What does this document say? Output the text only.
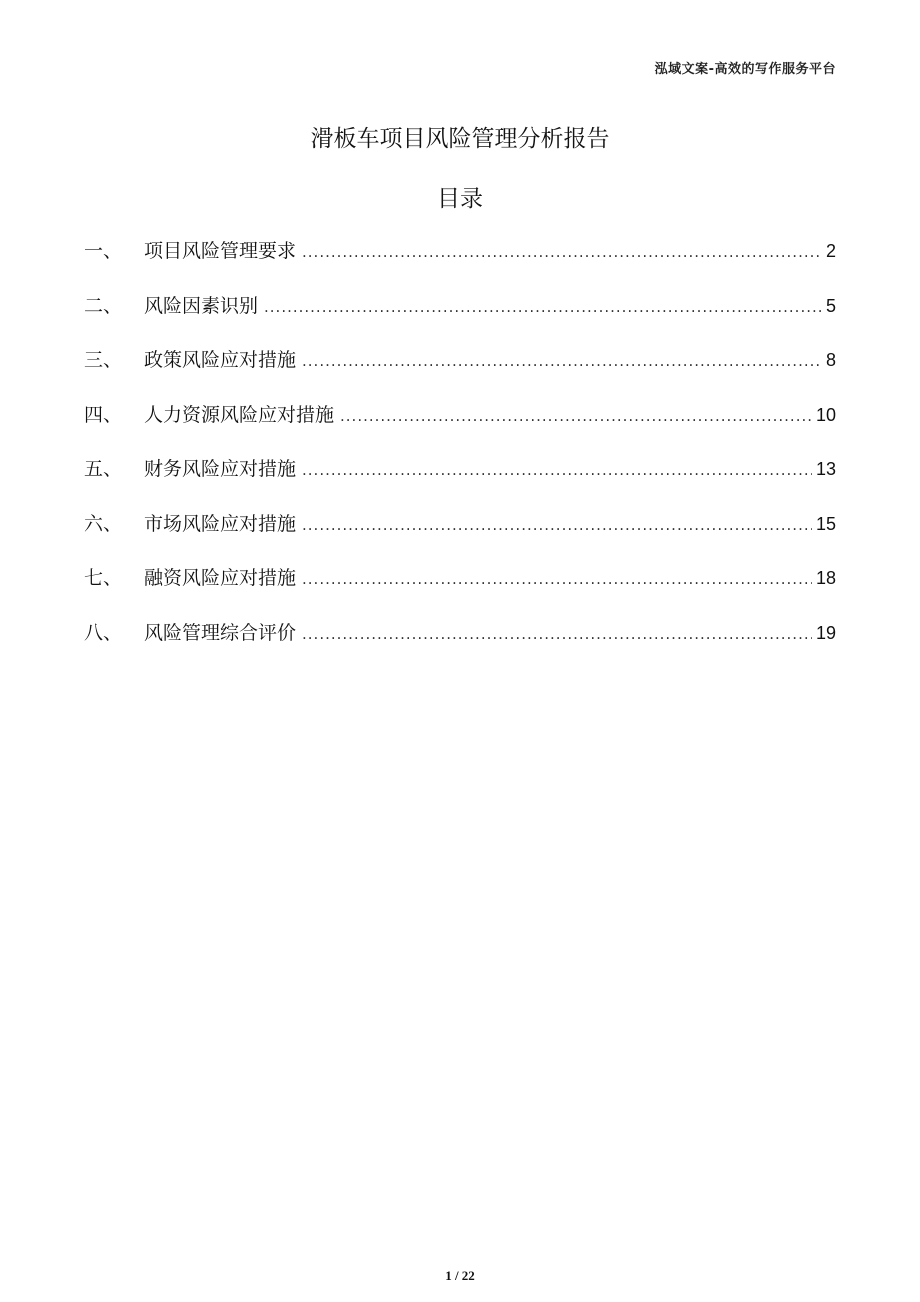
泓域文案-高效的写作服务平台
滑板车项目风险管理分析报告
目录
一、	项目风险管理要求 .....	2
二、	风险因素识别 .....	5
三、	政策风险应对措施 .....	8
四、	人力资源风险应对措施 .....	10
五、	财务风险应对措施 .....	13
六、	市场风险应对措施 .....	15
七、	融资风险应对措施 .....	18
八、	风险管理综合评价 .....	19
1 / 22
